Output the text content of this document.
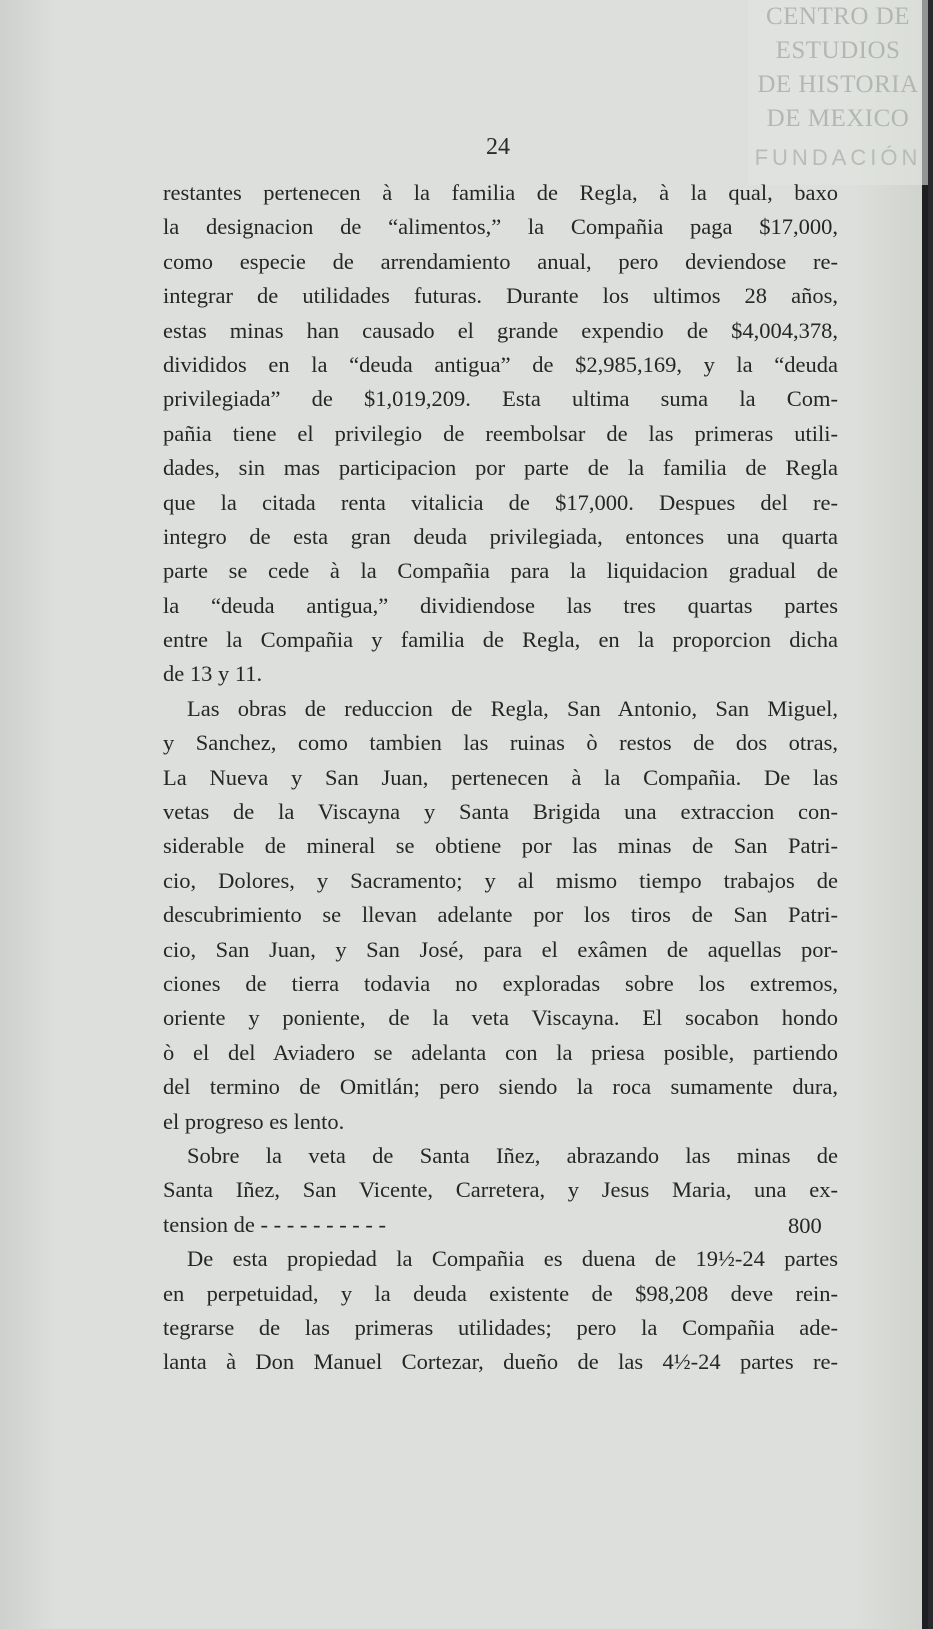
CENTRO DE
ESTUDIOS
DE HISTORIA
DE MEXICO
FUNDACIÓN
24
restantes pertenecen à la familia de Regla, à la qual, baxo
la designacion de “alimentos,” la Compañia paga $17,000,
como especie de arrendamiento anual, pero deviendose re-
integrar de utilidades futuras. Durante los ultimos 28 años,
estas minas han causado el grande expendio de $4,004,378,
divididos en la “deuda antigua” de $2,985,169, y la “deuda
privilegiada” de $1,019,209. Esta ultima suma la Com-
pañia tiene el privilegio de reembolsar de las primeras utili-
dades, sin mas participacion por parte de la familia de Regla
que la citada renta vitalicia de $17,000. Despues del re-
integro de esta gran deuda privilegiada, entonces una quarta
parte se cede à la Compañia para la liquidacion gradual de
la “deuda antigua,” dividiendose las tres quartas partes
entre la Compañia y familia de Regla, en la proporcion dicha
de 13 y 11.
Las obras de reduccion de Regla, San Antonio, San Miguel,
y Sanchez, como tambien las ruinas ò restos de dos otras,
La Nueva y San Juan, pertenecen à la Compañia. De las
vetas de la Viscayna y Santa Brigida una extraccion con-
siderable de mineral se obtiene por las minas de San Patri-
cio, Dolores, y Sacramento; y al mismo tiempo trabajos de
descubrimiento se llevan adelante por los tiros de San Patri-
cio, San Juan, y San José, para el exâmen de aquellas por-
ciones de tierra todavia no exploradas sobre los extremos,
oriente y poniente, de la veta Viscayna. El socabon hondo
ò el del Aviadero se adelanta con la priesa posible, partiendo
del termino de Omitlán; pero siendo la roca sumamente dura,
el progreso es lento.
Sobre la veta de Santa Iñez, abrazando las minas de
Santa Iñez, San Vicente, Carretera, y Jesus Maria, una ex-
tension de - - - - - - - - - -	800
De esta propiedad la Compañia es duena de 19½-24 partes
en perpetuidad, y la deuda existente de $98,208 deve rein-
tegrarse de las primeras utilidades; pero la Compañia ade-
lanta à Don Manuel Cortezar, dueño de las 4½-24 partes re-
